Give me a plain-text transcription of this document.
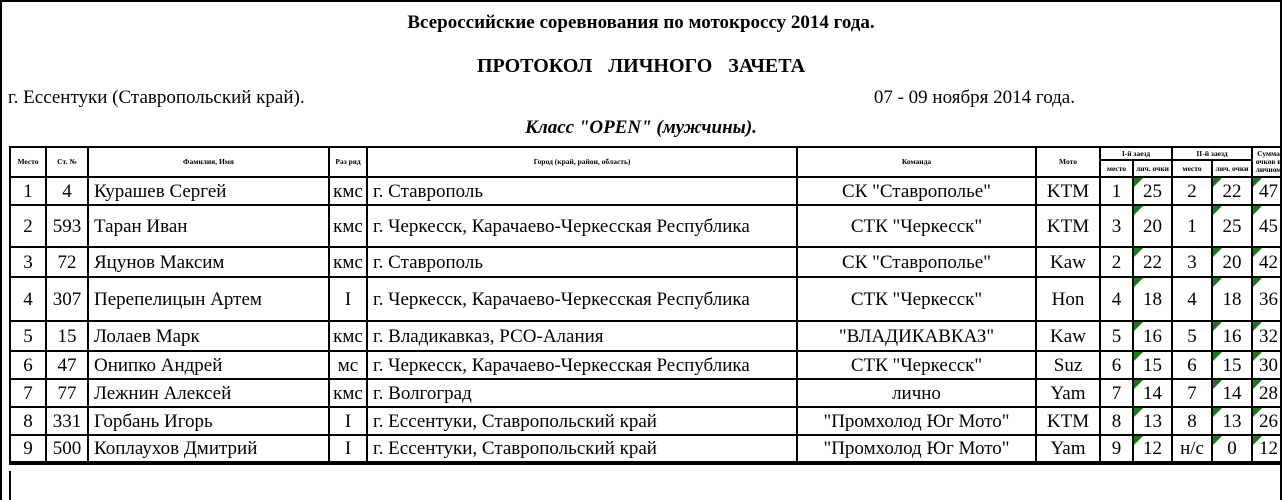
Всероссийские соревнования по мотокроссу 2014 года.
ПРОТОКОЛ ЛИЧНОГО ЗАЧЕТА
г. Ессентуки (Ставропольский край).	07 - 09 ноября 2014 года.
Класс "OPEN" (мужчины).
Место	Ст. №	Фамилия, Имя	Раз ряд	Город (край, район, область)	Команда	Мото	I-й заезд		II-й заезд		Сумма очков в личном
							место	лич. очки	место	лич. очки	
1	4	Курашев Сергей	кмс	г. Ставрополь	СК "Ставрополье"	KTM	1	25	2	22	47

2	593	Таран Иван	кмс	г. Черкесск, Карачаево-Черкесская Республика	СТК "Черкесск"	KTM	3	20	1	25	45

3	72	Яцунов Максим	кмс	г. Ставрополь	СК "Ставрополье"	Kaw	2	22	3	20	42

4	307	Перепелицын Артем	I	г. Черкесск, Карачаево-Черкесская Республика	СТК "Черкесск"	Hon	4	18	4	18	36

5	15	Лолаев Марк	кмс	г. Владикавказ, РСО-Алания	"ВЛАДИКАВКАЗ"	Kaw	5	16	5	16	32

6	47	Онипко Андрей	мс	г. Черкесск, Карачаево-Черкесская Республика	СТК "Черкесск"	Suz	6	15	6	15	30

7	77	Лежнин Алексей	кмс	г. Волгоград	лично	Yam	7	14	7	14	28

8	331	Горбань Игорь	I	г. Ессентуки, Ставропольский край	"Промхолод Юг Мото"	KTM	8	13	8	13	26

9	500	Коплаухов Дмитрий	I	г. Ессентуки, Ставропольский край	"Промхолод Юг Мото"	Yam	9	12	н/с	0	12
